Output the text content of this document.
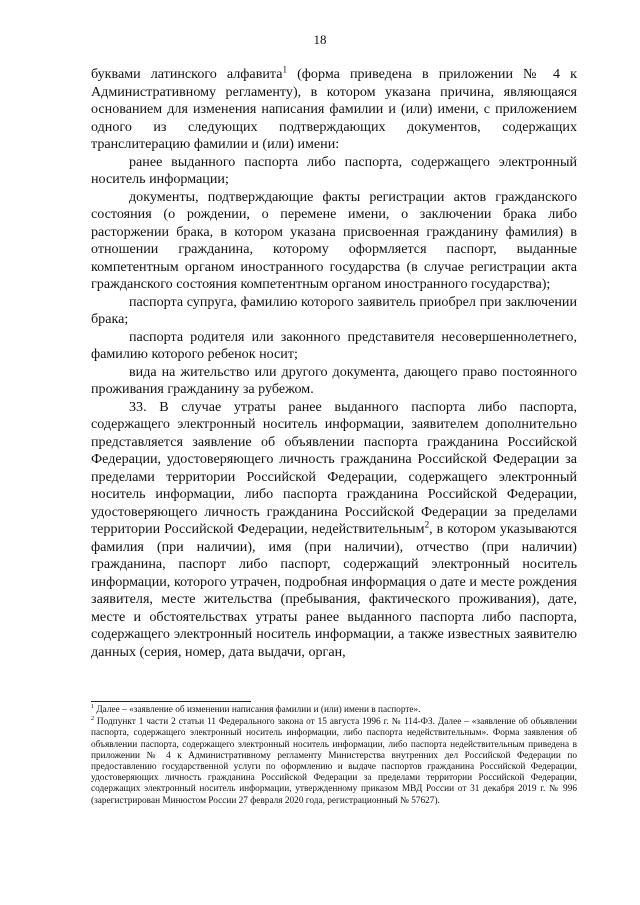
18

буквами латинского алфавита$^1$ (форма приведена в приложении № 4 к Административному регламенту), в котором указана причина, являющаяся основанием для изменения написания фамилии и (или) имени, с приложением одного из следующих подтверждающих документов, содержащих транслитерацию фамилии и (или) имени:

ранее выданного паспорта либо паспорта, содержащего электронный носитель информации;

документы, подтверждающие факты регистрации актов гражданского состояния (о рождении, о перемене имени, о заключении брака либо расторжении брака, в котором указана присвоенная гражданину фамилия) в отношении гражданина, которому оформляется паспорт, выданные компетентным органом иностранного государства (в случае регистрации акта гражданского состояния компетентным органом иностранного государства);

паспорта супруга, фамилию которого заявитель приобрел при заключении брака;

паспорта родителя или законного представителя несовершеннолетнего, фамилию которого ребенок носит;

вида на жительство или другого документа, дающего право постоянного проживания гражданину за рубежом.

33. В случае утраты ранее выданного паспорта либо паспорта, содержащего электронный носитель информации, заявителем дополнительно представляется заявление об объявлении паспорта гражданина Российской Федерации, удостоверяющего личность гражданина Российской Федерации за пределами территории Российской Федерации, содержащего электронный носитель информации, либо паспорта гражданина Российской Федерации, удостоверяющего личность гражданина Российской Федерации за пределами территории Российской Федерации, недействительным$^2$, в котором указываются фамилия (при наличии), имя (при наличии), отчество (при наличии) гражданина, паспорт либо паспорт, содержащий электронный носитель информации, которого утрачен, подробная информация о дате и месте рождения заявителя, месте жительства (пребывания, фактического проживания), дате, месте и обстоятельствах утраты ранее выданного паспорта либо паспорта, содержащего электронный носитель информации, а также известных заявителю данных (серия, номер, дата выдачи, орган,

$^1$ Далее – «заявление об изменении написания фамилии и (или) имени в паспорте».

$^2$ Подпункт 1 части 2 статьи 11 Федерального закона от 15 августа 1996 г. № 114-ФЗ. Далее – «заявление об объявлении паспорта, содержащего электронный носитель информации, либо паспорта недействительным». Форма заявления об объявлении паспорта, содержащего электронный носитель информации, либо паспорта недействительным приведена в приложении № 4 к Административному регламенту Министерства внутренних дел Российской Федерации по предоставлению государственной услуги по оформлению и выдаче паспортов гражданина Российской Федерации, удостоверяющих личность гражданина Российской Федерации за пределами территории Российской Федерации, содержащих электронный носитель информации, утвержденному приказом МВД России от 31 декабря 2019 г. № 996 (зарегистрирован Минюстом России 27 февраля 2020 года, регистрационный № 57627).
